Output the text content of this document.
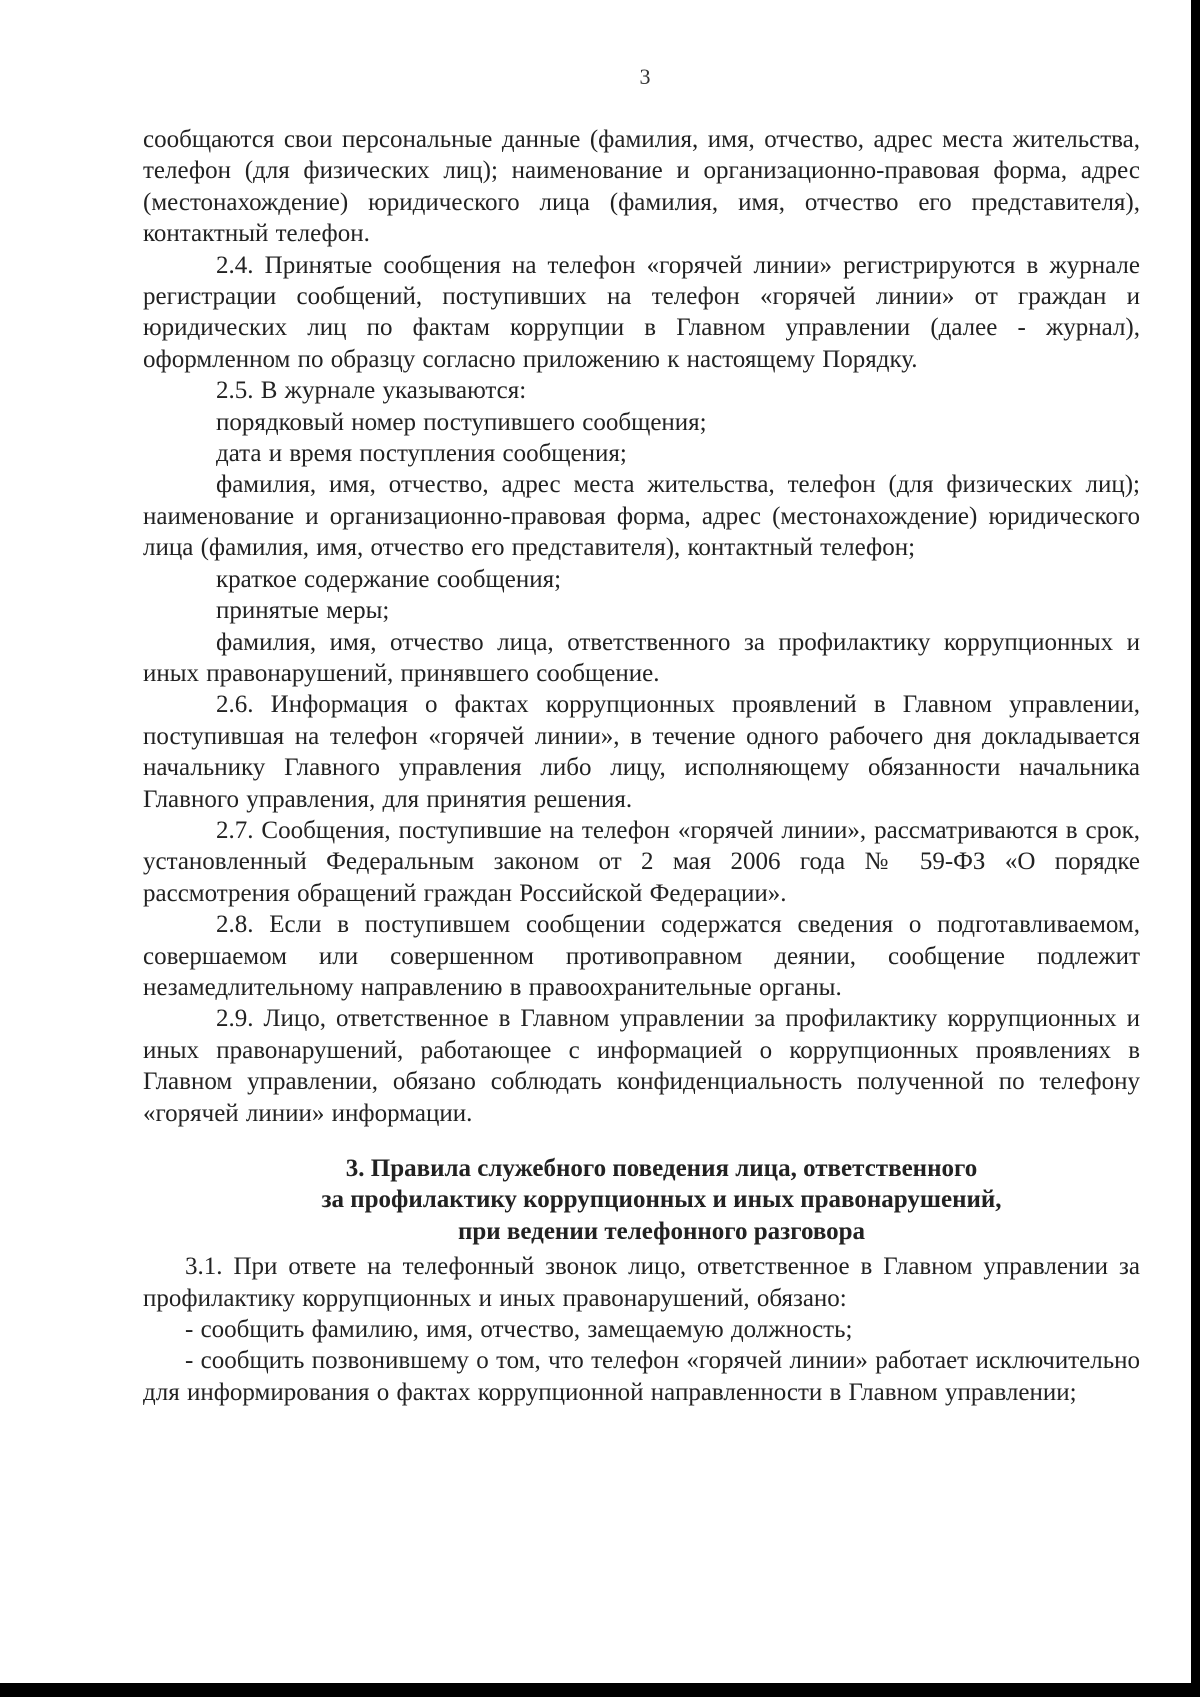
3

сообщаются свои персональные данные (фамилия, имя, отчество, адрес места жительства, телефон (для физических лиц); наименование и организационно-правовая форма, адрес (местонахождение) юридического лица (фамилия, имя, отчество его представителя), контактный телефон.

2.4. Принятые сообщения на телефон «горячей линии» регистрируются в журнале регистрации сообщений, поступивших на телефон «горячей линии» от граждан и юридических лиц по фактам коррупции в Главном управлении (далее - журнал), оформленном по образцу согласно приложению к настоящему Порядку.

2.5. В журнале указываются:

порядковый номер поступившего сообщения;

дата и время поступления сообщения;

фамилия, имя, отчество, адрес места жительства, телефон (для физических лиц); наименование и организационно-правовая форма, адрес (местонахождение) юридического лица (фамилия, имя, отчество его представителя), контактный телефон;

краткое содержание сообщения;

принятые меры;

фамилия, имя, отчество лица, ответственного за профилактику коррупционных и иных правонарушений, принявшего сообщение.

2.6. Информация о фактах коррупционных проявлений в Главном управлении, поступившая на телефон «горячей линии», в течение одного рабочего дня докладывается начальнику Главного управления либо лицу, исполняющему обязанности начальника Главного управления, для принятия решения.

2.7. Сообщения, поступившие на телефон «горячей линии», рассматриваются в срок, установленный Федеральным законом от 2 мая 2006 года № 59-ФЗ «О порядке рассмотрения обращений граждан Российской Федерации».

2.8. Если в поступившем сообщении содержатся сведения о подготавливаемом, совершаемом или совершенном противоправном деянии, сообщение подлежит незамедлительному направлению в правоохранительные органы.

2.9. Лицо, ответственное в Главном управлении за профилактику коррупционных и иных правонарушений, работающее с информацией о коррупционных проявлениях в Главном управлении, обязано соблюдать конфиденциальность полученной по телефону «горячей линии» информации.

3. Правила служебного поведения лица, ответственного
за профилактику коррупционных и иных правонарушений,
при ведении телефонного разговора

3.1. При ответе на телефонный звонок лицо, ответственное в Главном управлении за профилактику коррупционных и иных правонарушений, обязано:

- сообщить фамилию, имя, отчество, замещаемую должность;

- сообщить позвонившему о том, что телефон «горячей линии» работает исключительно для информирования о фактах коррупционной направленности в Главном управлении;
